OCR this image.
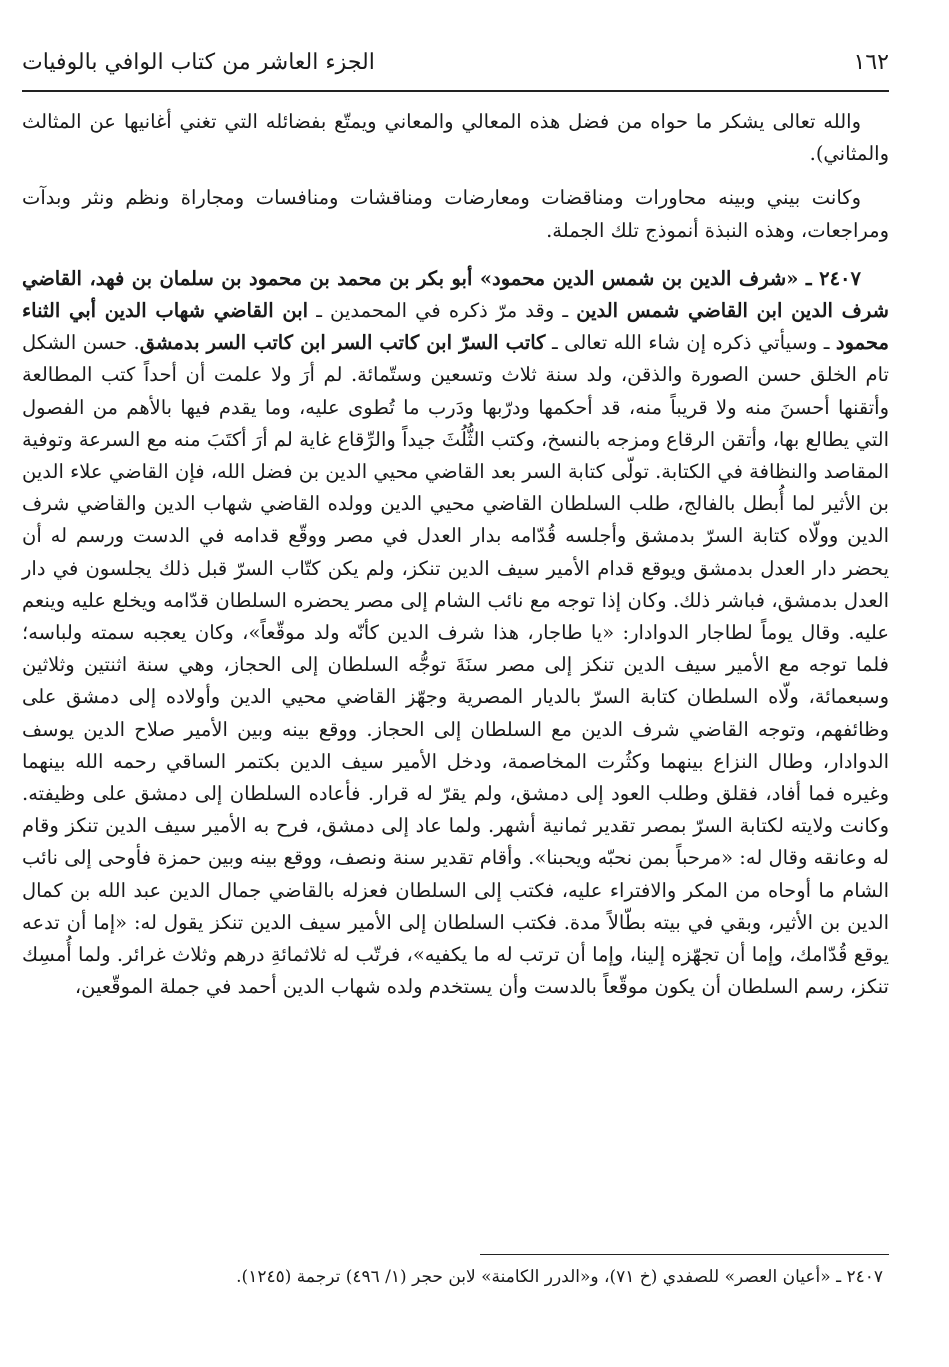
١٦٢
الجزء العاشر من كتاب الوافي بالوفيات

والله تعالى يشكر ما حواه من فضل هذه المعالي والمعاني ويمتّع بفضائله التي تغني أغانيها عن المثالث والمثاني).

وكانت بيني وبينه محاورات ومناقضات ومعارضات ومناقشات ومنافسات ومجاراة ونظم ونثر وبدآت ومراجعات، وهذه النبذة أنموذج تلك الجملة.

٢٤٠٧ ـ «شرف الدين بن شمس الدين محمود» أبو بكر بن محمد بن محمود بن سلمان بن فهد، القاضي شرف الدين ابن القاضي شمس الدين ـ وقد مرّ ذكره في المحمدين ـ ابن القاضي شهاب الدين أبي الثناء محمود ـ وسيأتي ذكره إن شاء الله تعالى ـ كاتب السرّ ابن كاتب السر ابن كاتب السر بدمشق. حسن الشكل تام الخلق حسن الصورة والذقن، ولد سنة ثلاث وتسعين وستّمائة. لم أرَ ولا علمت أن أحداً كتب المطالعة وأتقنها أحسنَ منه ولا قريباً منه، قد أحكمها ودرّبها ودَرب ما تُطوى عليه، وما يقدم فيها بالأهم من الفصول التي يطالع بها، وأتقن الرقاع ومزجه بالنسخ، وكتب الثُّلُثَ جيداً والرِّقاع غاية لم أرَ أكتَبَ منه مع السرعة وتوفية المقاصد والنظافة في الكتابة. تولّى كتابة السر بعد القاضي محيي الدين بن فضل الله، فإن القاضي علاء الدين بن الأثير لما أُبطل بالفالج، طلب السلطان القاضي محيي الدين وولده القاضي شهاب الدين والقاضي شرف الدين وولّاه كتابة السرّ بدمشق وأجلسه قُدّامه بدار العدل في مصر ووقّع قدامه في الدست ورسم له أن يحضر دار العدل بدمشق ويوقع قدام الأمير سيف الدين تنكز، ولم يكن كتّاب السرّ قبل ذلك يجلسون في دار العدل بدمشق، فباشر ذلك. وكان إذا توجه مع نائب الشام إلى مصر يحضره السلطان قدّامه ويخلع عليه وينعم عليه. وقال يوماً لطاجار الدوادار: «يا طاجار، هذا شرف الدين كأنّه ولد موقّعاً»، وكان يعجبه سمته ولباسه؛ فلما توجه مع الأمير سيف الدين تنكز إلى مصر سنَةَ توجُّه السلطان إلى الحجاز، وهي سنة اثنتين وثلاثين وسبعمائة، ولّاه السلطان كتابة السرّ بالديار المصرية وجهّز القاضي محيي الدين وأولاده إلى دمشق على وظائفهم، وتوجه القاضي شرف الدين مع السلطان إلى الحجاز. ووقع بينه وبين الأمير صلاح الدين يوسف الدوادار، وطال النزاع بينهما وكثُرت المخاصمة، ودخل الأمير سيف الدين بكتمر الساقي رحمه الله بينهما وغيره فما أفاد، فقلق وطلب العود إلى دمشق، ولم يقرّ له قرار. فأعاده السلطان إلى دمشق على وظيفته. وكانت ولايته لكتابة السرّ بمصر تقدير ثمانية أشهر. ولما عاد إلى دمشق، فرح به الأمير سيف الدين تنكز وقام له وعانقه وقال له: «مرحباً بمن نحبّه ويحبنا». وأقام تقدير سنة ونصف، ووقع بينه وبين حمزة فأوحى إلى نائب الشام ما أوحاه من المكر والافتراء عليه، فكتب إلى السلطان فعزله بالقاضي جمال الدين عبد الله بن كمال الدين بن الأثير، وبقي في بيته بطّالاً مدة. فكتب السلطان إلى الأمير سيف الدين تنكز يقول له: «إما أن تدعه يوقع قُدّامك، وإما أن تجهّزه إلينا، وإما أن ترتب له ما يكفيه»، فرتّب له ثلاثمائةِ درهم وثلاث غرائر. ولما أُمسِك تنكز، رسم السلطان أن يكون موقّعاً بالدست وأن يستخدم ولده شهاب الدين أحمد في جملة الموقّعين،

٢٤٠٧ ـ «أعيان العصر» للصفدي (خ ٧١)، و«الدرر الكامنة» لابن حجر (١/ ٤٩٦) ترجمة (١٢٤٥).
